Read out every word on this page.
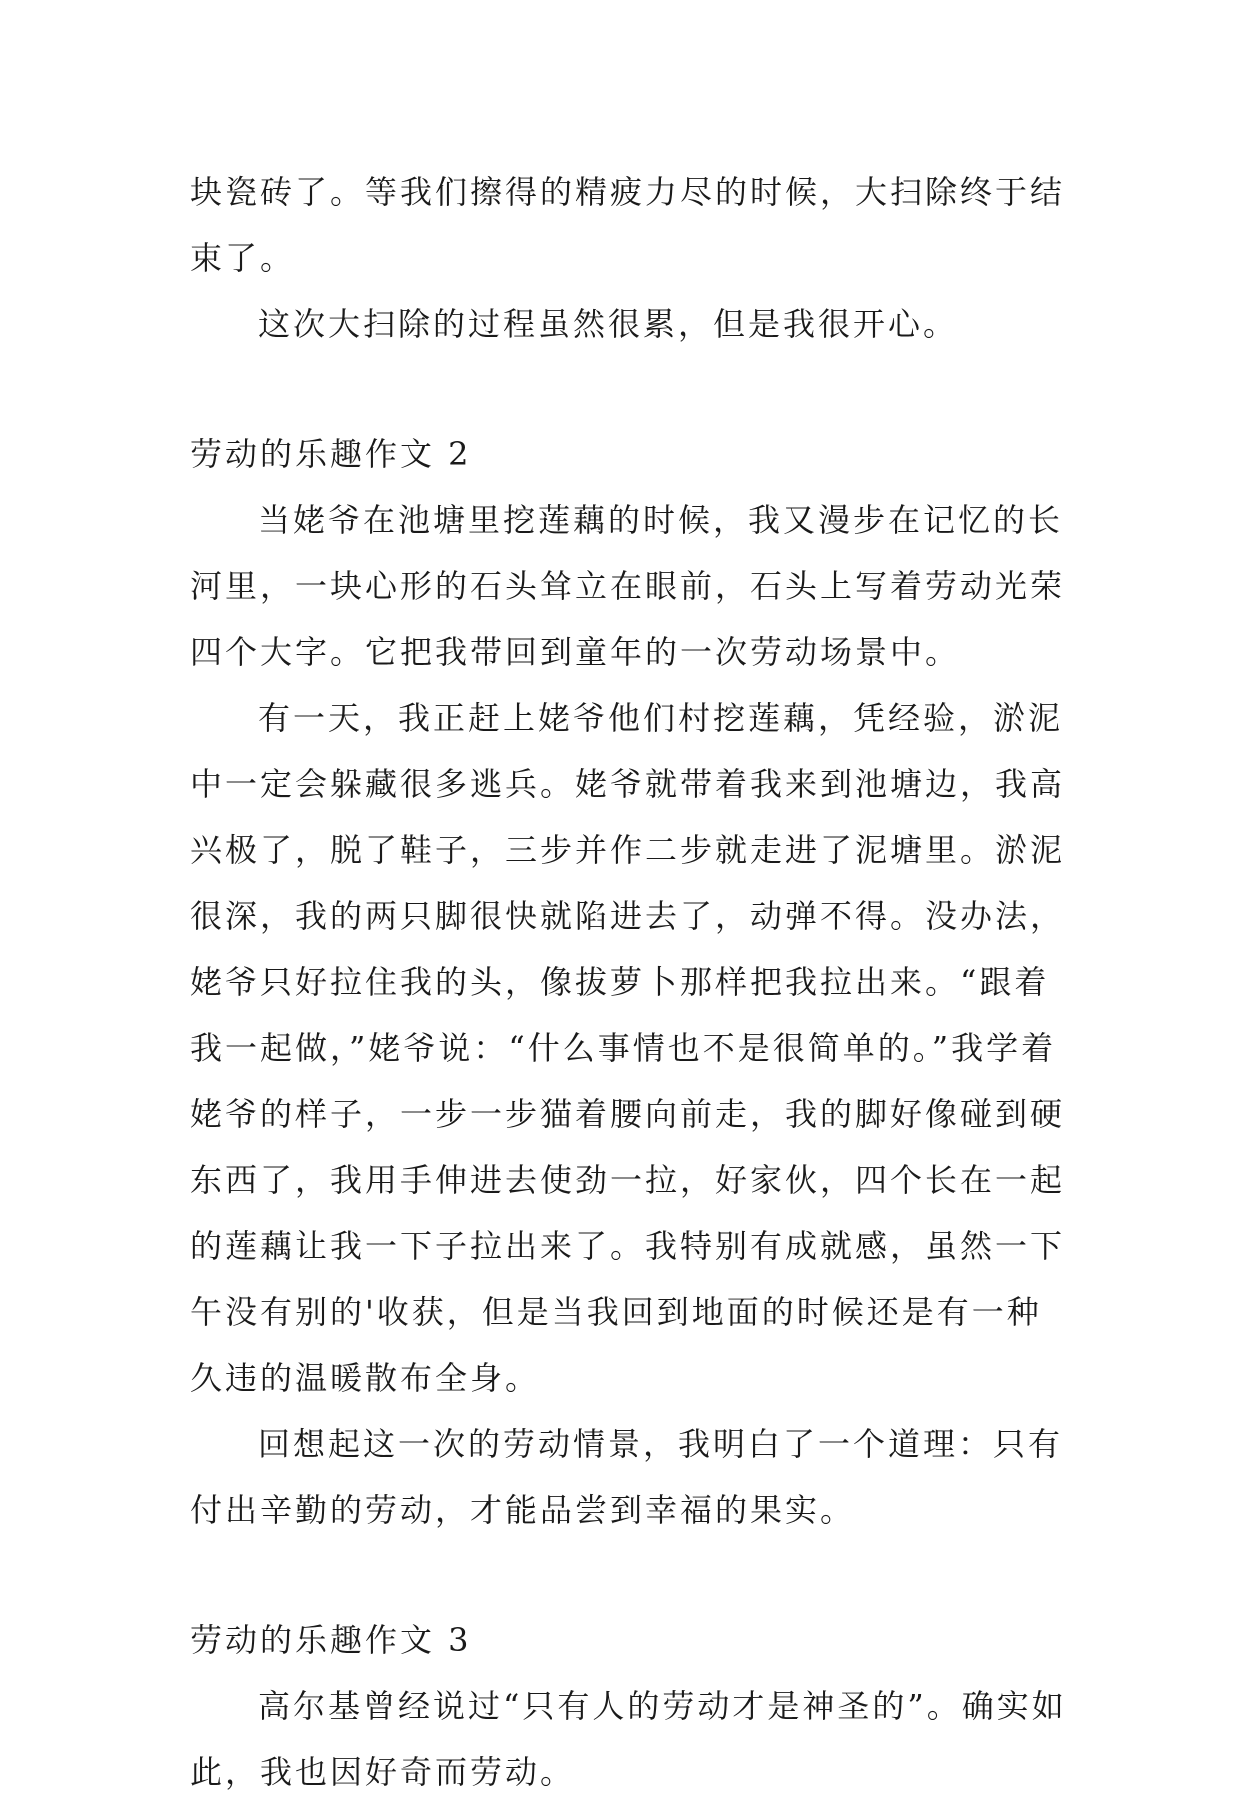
块瓷砖了。等我们擦得的精疲力尽的时候，大扫除终于结束了。

这次大扫除的过程虽然很累，但是我很开心。

劳动的乐趣作文 2

当姥爷在池塘里挖莲藕的时候，我又漫步在记忆的长河里，一块心形的石头耸立在眼前，石头上写着劳动光荣四个大字。它把我带回到童年的一次劳动场景中。

有一天，我正赶上姥爷他们村挖莲藕，凭经验，淤泥中一定会躲藏很多逃兵。姥爷就带着我来到池塘边，我高兴极了，脱了鞋子，三步并作二步就走进了泥塘里。淤泥很深，我的两只脚很快就陷进去了，动弹不得。没办法，姥爷只好拉住我的头，像拔萝卜那样把我拉出来。“跟着我一起做，”姥爷说：“什么事情也不是很简单的。”我学着姥爷的样子，一步一步猫着腰向前走，我的脚好像碰到硬东西了，我用手伸进去使劲一拉，好家伙，四个长在一起的莲藕让我一下子拉出来了。我特别有成就感，虽然一下午没有别的'收获，但是当我回到地面的时候还是有一种久违的温暖散布全身。

回想起这一次的劳动情景，我明白了一个道理：只有付出辛勤的劳动，才能品尝到幸福的果实。

劳动的乐趣作文 3

高尔基曾经说过“只有人的劳动才是神圣的”。确实如此，我也因好奇而劳动。
